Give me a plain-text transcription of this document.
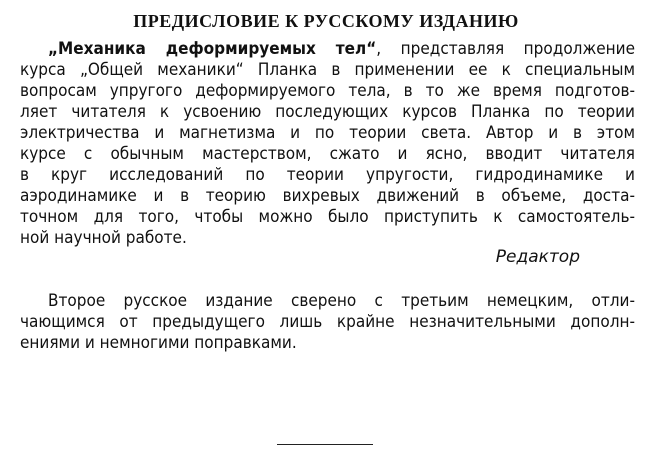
ПРЕДИСЛОВИЕ К РУССКОМУ ИЗДАНИЮ
„Механика деформируемых тел“, представляя продолжение
курса „Общей механики“ Планка в применении ее к специальным
вопросам упругого деформируемого тела, в то же время подготов-
ляет читателя к усвоению последующих курсов Планка по теории
электричества и магнетизма и по теории света. Автор и в этом
курсе с обычным мастерством, сжато и ясно, вводит читателя
в круг исследований по теории упругости, гидродинамике и
аэродинамике и в теорию вихревых движений в объеме, доста-
точном для того, чтобы можно было приступить к самостоятель-
ной научной работе.
Редактор
Второе русское издание сверено с третьим немецким, отли-
чающимся от предыдущего лишь крайне незначительными дополн-
ениями и немногими поправками.
